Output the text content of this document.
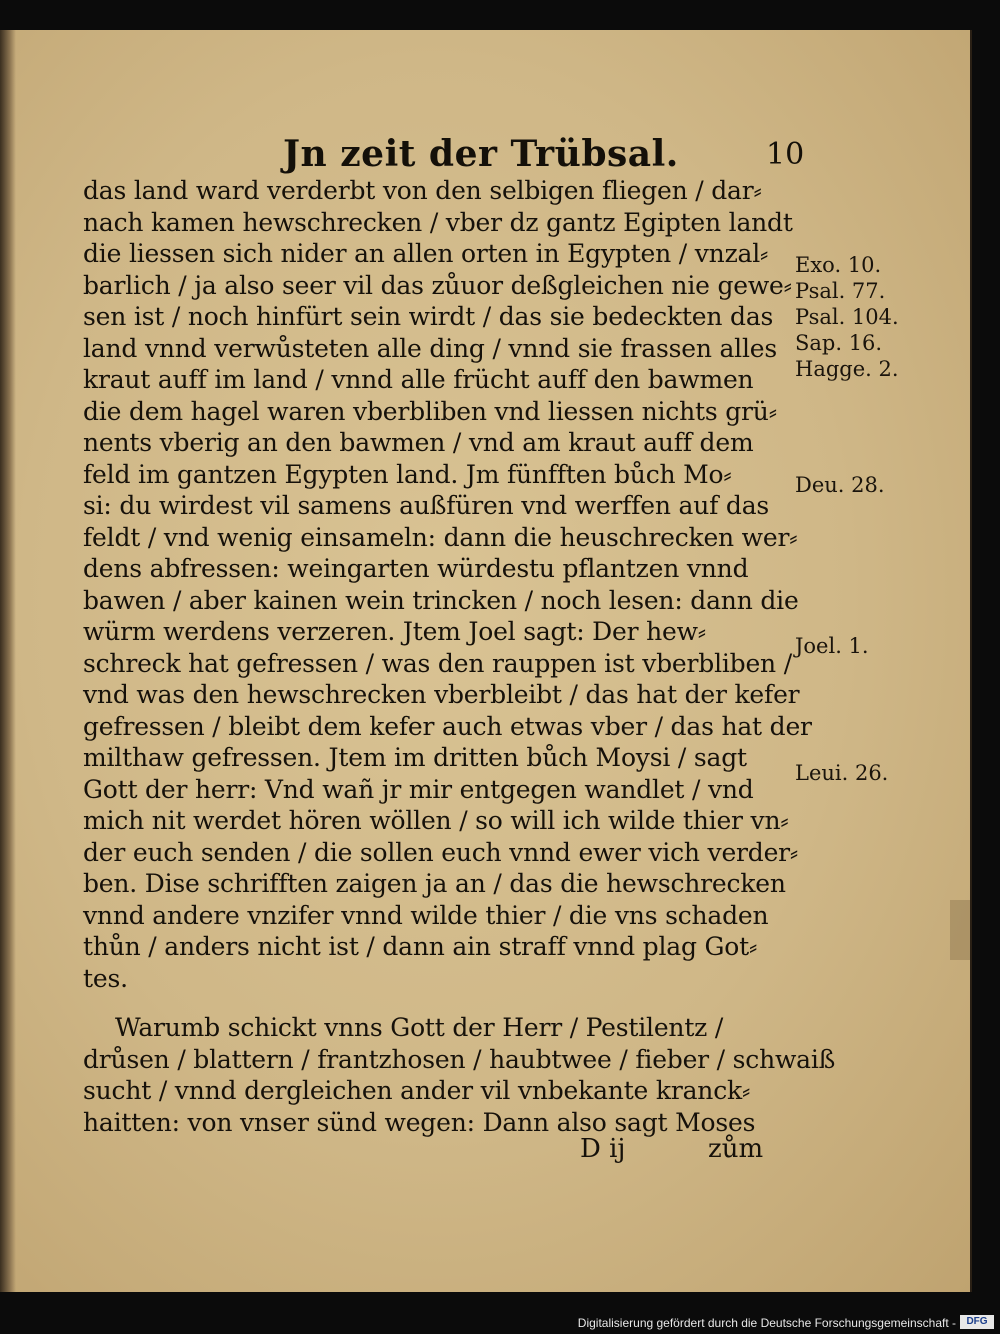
Jn zeit der Trübsal.	10
das land ward verderbt von den selbigen fliegen / dar⸗
nach kamen hewschrecken / vber dz gantz Egipten landt
die liessen sich nider an allen orten in Egypten / vnzal⸗
barlich / ja also seer vil das zůuor deßgleichen nie gewe⸗
sen ist / noch hinfürt sein wirdt / das sie bedeckten das
land vnnd verwůsteten alle ding / vnnd sie frassen alles
kraut auff im land / vnnd alle frücht auff den bawmen
die dem hagel waren vberbliben vnd liessen nichts grü⸗
nents vberig an den bawmen / vnd am kraut auff dem
feld im gantzen Egypten land. Jm fünfften bůch Mo⸗
si: du wirdest vil samens außfüren vnd werffen auf das
feldt / vnd wenig einsameln: dann die heuschrecken wer⸗
dens abfressen: weingarten würdestu pflantzen vnnd
bawen / aber kainen wein trincken / noch lesen: dann die
würm werdens verzeren. Jtem Joel sagt: Der hew⸗
schreck hat gefressen / was den rauppen ist vberbliben /
vnd was den hewschrecken vberbleibt / das hat der kefer
gefressen / bleibt dem kefer auch etwas vber / das hat der
milthaw gefressen. Jtem im dritten bůch Moysi / sagt
Gott der herr: Vnd wañ jr mir entgegen wandlet / vnd
mich nit werdet hören wöllen / so will ich wilde thier vn⸗
der euch senden / die sollen euch vnnd ewer vich verder⸗
ben. Dise schrifften zaigen ja an / das die hewschrecken
vnnd andere vnzifer vnnd wilde thier / die vns schaden
thůn / anders nicht ist / dann ain straff vnnd plag Got⸗
tes.
Warumb schickt vnns Gott der Herr / Pestilentz /
drůsen / blattern / frantzhosen / haubtwee / fieber / schwaiß
sucht / vnnd dergleichen ander vil vnbekante kranck⸗
haitten: von vnser sünd wegen: Dann also sagt Moses
Exo. 10.
Psal. 77.
Psal. 104.
Sap. 16.
Hagge. 2.
Deu. 28.
Joel. 1.
Leui. 26.
D ij	zům
Digitalisierung gefördert durch die Deutsche Forschungsgemeinschaft -	DFG
